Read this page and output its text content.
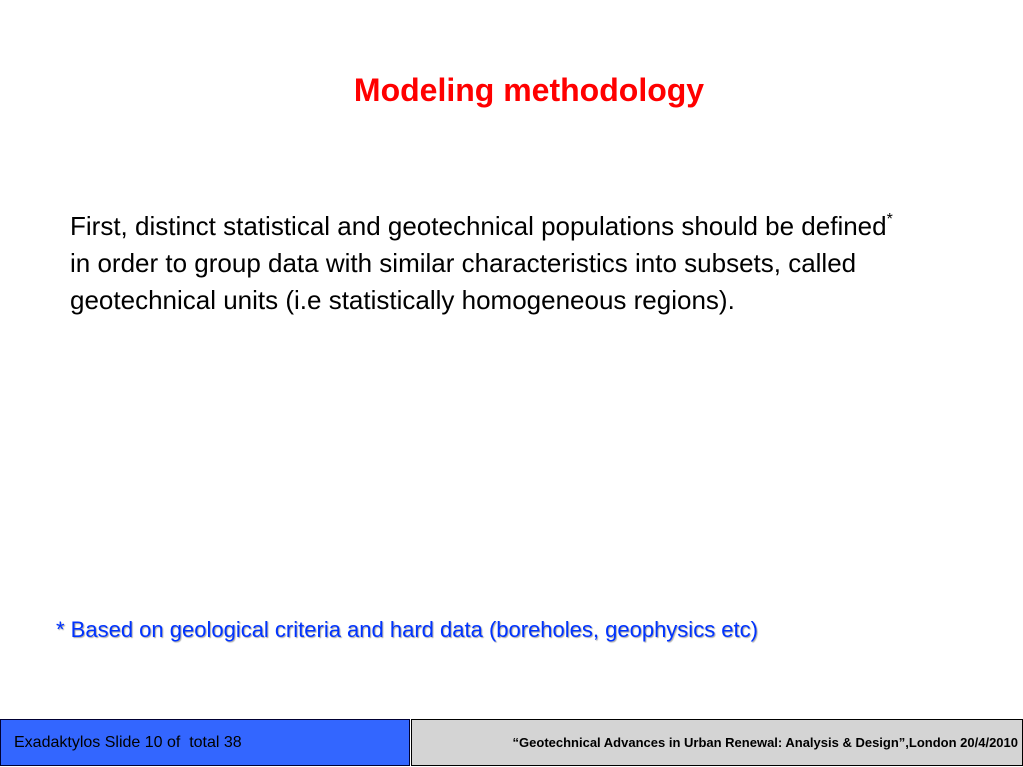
Modeling methodology

First, distinct statistical and geotechnical populations should be defined* in order to group data with similar characteristics into subsets, called geotechnical units (i.e statistically homogeneous regions).

* Based on geological criteria and hard data (boreholes, geophysics etc)
Exadaktylos Slide 10 of  total 38	“Geotechnical Advances in Urban Renewal: Analysis & Design”,London 20/4/2010
